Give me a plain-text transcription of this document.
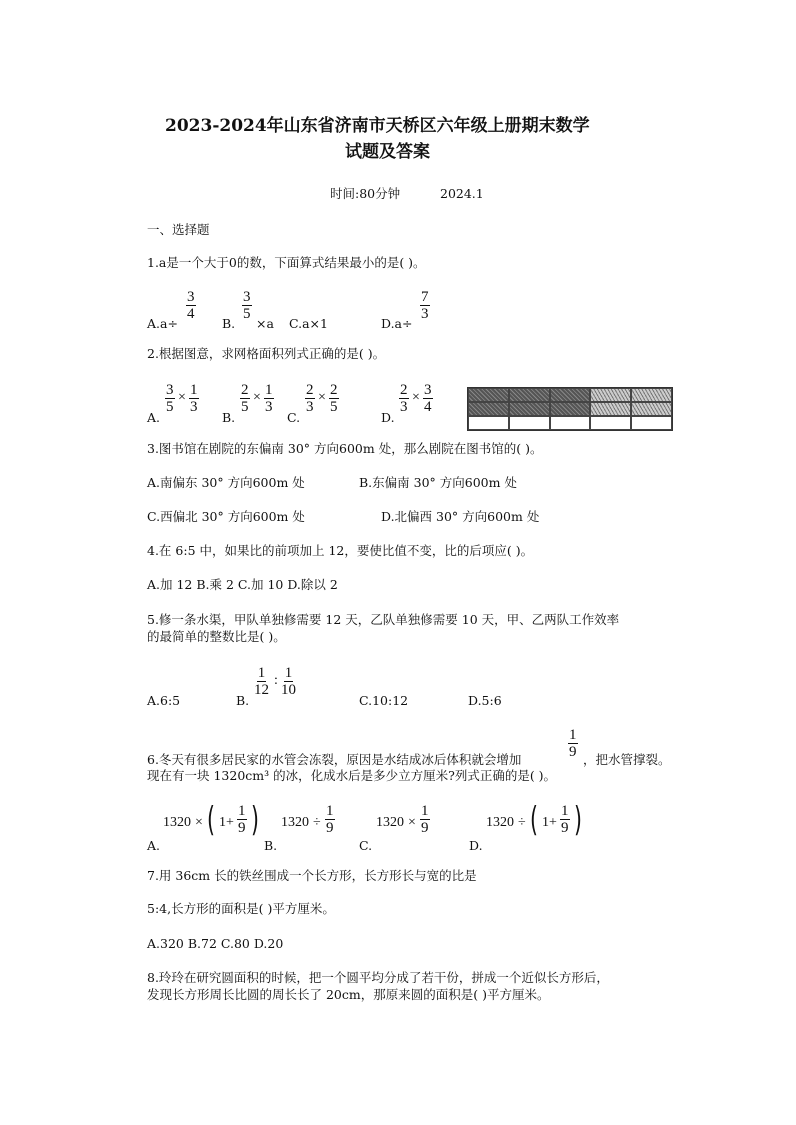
2023-2024年山东省济南市天桥区六年级上册期末数学
试题及答案
时间:80分钟	2024.1
一、选择题
1.a是一个大于0的数，下面算式结果最小的是( )。
A.a÷
$\frac{3}{4}$
B.
$\frac{3}{5}$
×a C.a×1	D.a÷
$\frac{7}{3}$
2.根据图意，求网格面积列式正确的是( )。
A.
$\frac{3}{5} \times \frac{1}{3}$
B.
$\frac{2}{5} \times \frac{1}{3}$
C.
$\frac{2}{3} \times \frac{2}{5}$
D.
$\frac{2}{3} \times \frac{3}{4}$
3.图书馆在剧院的东偏南 30° 方向600m 处，那么剧院在图书馆的( )。
A.南偏东 30° 方向600m 处	B.东偏南 30° 方向600m 处
C.西偏北 30° 方向600m 处	D.北偏西 30° 方向600m 处
4.在 6:5 中，如果比的前项加上 12，要使比值不变，比的后项应( )。
A.加 12 B.乘 2 C.加 10 D.除以 2
5.修一条水渠，甲队单独修需要 12 天，乙队单独修需要 10 天，甲、乙两队工作效率
的最简单的整数比是( )。
A.6:5	B.
$\frac{1}{12}$ : $\frac{1}{10}$
C.10:12	D.5:6
6.冬天有很多居民家的水管会冻裂，原因是水结成冰后体积就会增加	$\frac{1}{9}$ ，把水管撑裂。
现在有一块 1320cm³ 的冰，化成水后是多少立方厘米?列式正确的是( )。
A.
1320 × ( $1+ \frac{1}{9}$ )
B.
$1320 \div \frac{1}{9}$
C.
$1320 \times \frac{1}{9}$
D.
1320 ÷ ( $1+ \frac{1}{9}$ )
7.用 36cm 长的铁丝围成一个长方形，长方形长与宽的比是
5:4,长方形的面积是( )平方厘米。
A.320 B.72 C.80 D.20
8.玲玲在研究圆面积的时候，把一个圆平均分成了若干份，拼成一个近似长方形后，
发现长方形周长比圆的周长长了 20cm，那原来圆的面积是( )平方厘米。
